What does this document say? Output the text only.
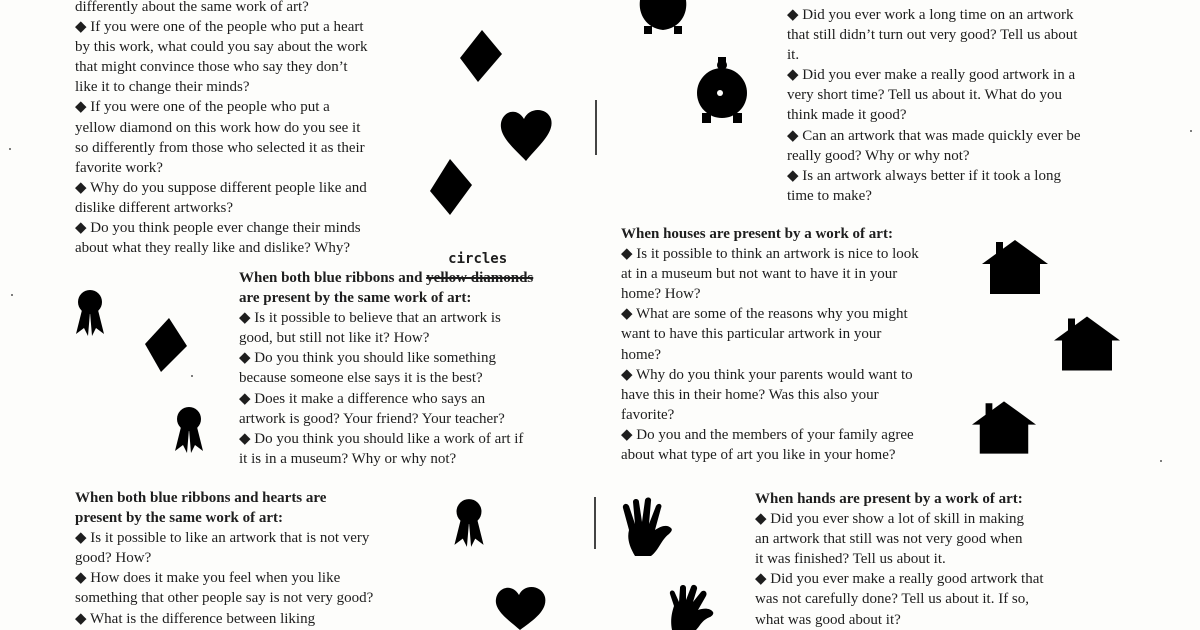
differently about the same work of art?
◆ If you were one of the people who put a heart
by this work, what could you say about the work
that might convince those who say they don’t
like it to change their minds?
◆ If you were one of the people who put a
yellow diamond on this work how do you see it
so differently from those who selected it as their
favorite work?
◆ Why do you suppose different people like and
dislike different artworks?
◆ Do you think people ever change their minds
about what they really like and dislike? Why?
When both blue ribbons and yellow diamonds
circles
are present by the same work of art:
◆ Is it possible to believe that an artwork is
good, but still not like it? How?
◆ Do you think you should like something
because someone else says it is the best?
◆ Does it make a difference who says an
artwork is good? Your friend? Your teacher?
◆ Do you think you should like a work of art if
it is in a museum? Why or why not?
When both blue ribbons and hearts are
present by the same work of art:
◆ Is it possible to like an artwork that is not very
good? How?
◆ How does it make you feel when you like
something that other people say is not very good?
◆ What is the difference between liking
◆ Did you ever work a long time on an artwork
that still didn’t turn out very good? Tell us about
it.
◆ Did you ever make a really good artwork in a
very short time? Tell us about it. What do you
think made it good?
◆ Can an artwork that was made quickly ever be
really good? Why or why not?
◆ Is an artwork always better if it took a long
time to make?
When houses are present by a work of art:
◆ Is it possible to think an artwork is nice to look
at in a museum but not want to have it in your
home? How?
◆ What are some of the reasons why you might
want to have this particular artwork in your
home?
◆ Why do you think your parents would want to
have this in their home? Was this also your
favorite?
◆ Do you and the members of your family agree
about what type of art you like in your home?
When hands are present by a work of art:
◆ Did you ever show a lot of skill in making
an artwork that still was not very good when
it was finished? Tell us about it.
◆ Did you ever make a really good artwork that
was not carefully done? Tell us about it. If so,
what was good about it?
